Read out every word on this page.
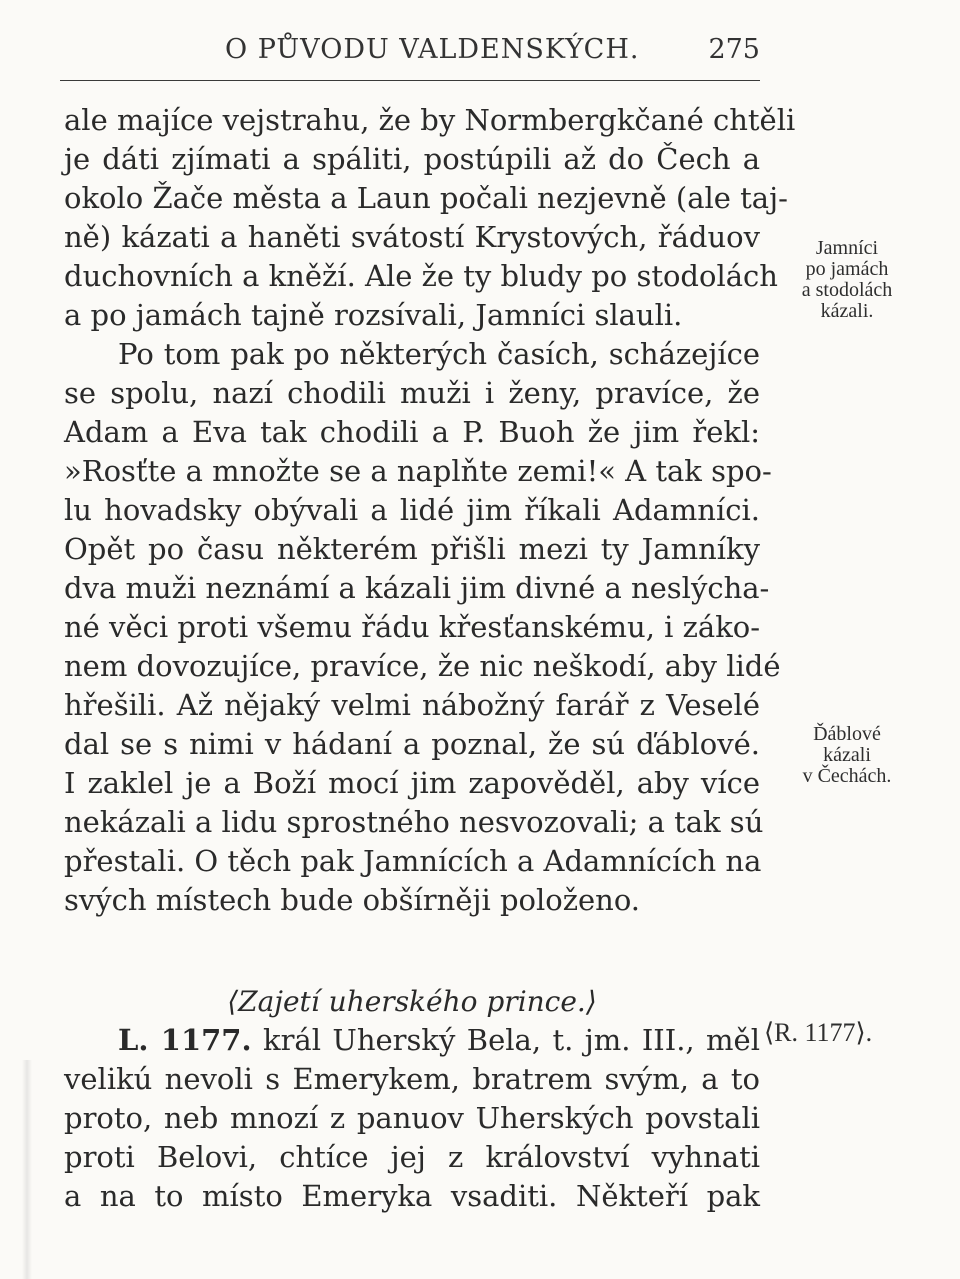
O PŮVODU VALDENSKÝCH.	275
ale majíce vejstrahu, že by Normbergkčané chtěli
je dáti zjímati a spáliti, postúpili až do Čech a
okolo Žače města a Laun počali nezjevně (ale taj-
ně) kázati a haněti svátostí Krystových, řáduov
duchovních a kněží. Ale že ty bludy po stodolách
a po jamách tajně rozsívali, Jamníci slauli.
Po tom pak po některých časích, scházejíce
se spolu, nazí chodili muži i ženy, pravíce, že
Adam a Eva tak chodili a P. Buoh že jim řekl:
»Rosťte a množte se a naplňte zemi!« A tak spo-
lu hovadsky obývali a lidé jim říkali Adamníci.
Opět po času některém přišli mezi ty Jamníky
dva muži neznámí a kázali jim divné a neslýcha-
né věci proti všemu řádu křesťanskému, i záko-
nem dovozujíce, pravíce, že nic neškodí, aby lidé
hřešili. Až nějaký velmi nábožný farář z Veselé
dal se s nimi v hádaní a poznal, že sú ďáblové.
I zaklel je a Boží mocí jim zapověděl, aby více
nekázali a lidu sprostného nesvozovali; a tak sú
přestali. O těch pak Jamnících a Adamnících na
svých místech bude obšírněji položeno.
⟨Zajetí uherského prince.⟩
L. 1177. král Uherský Bela, t. jm. III., měl
velikú nevoli s Emerykem, bratrem svým, a to
proto, neb mnozí z panuov Uherských povstali
proti Belovi, chtíce jej z království vyhnati
a na to místo Emeryka vsaditi. Někteří pak
Jamníci
po jamách
a stodolách
kázali.
Ďáblové
kázali
v Čechách.
⟨R. 1177⟩.
